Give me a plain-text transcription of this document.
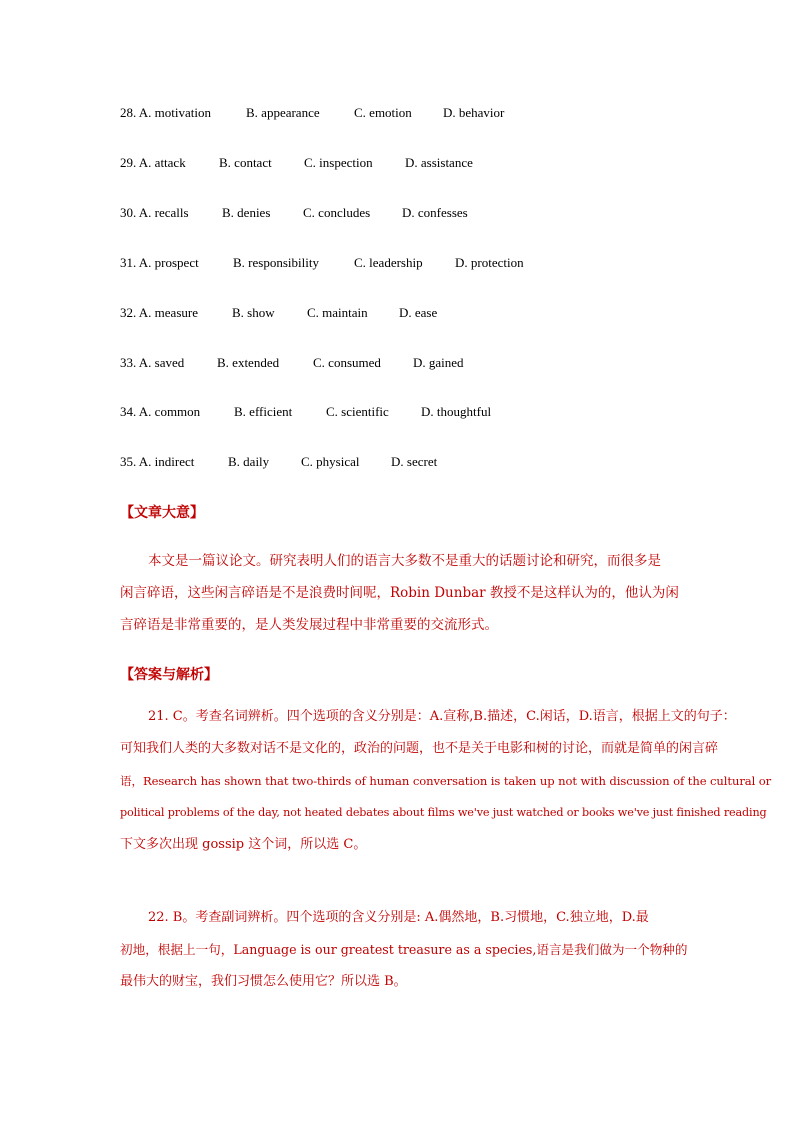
28. A. motivation	B. appearance	C. emotion D. behavior
29. A. attack	B. contact C. inspection D. assistance
30. A. recalls	B. denies	C. concludes D. confesses
31. A. prospect	B. responsibility	C. leadership D. protection
32. A. measure	B. show C. maintain D. ease
33. A. saved	B. extended	C. consumed D. gained
34. A. common	B. efficient	C. scientific D. thoughtful
35. A. indirect	B. daily C. physical D. secret
【文章大意】
本文是一篇议论文。研究表明人们的语言大多数不是重大的话题讨论和研究，而很多是
闲言碎语，这些闲言碎语是不是浪费时间呢，Robin Dunbar 教授不是这样认为的，他认为闲
言碎语是非常重要的，是人类发展过程中非常重要的交流形式。
【答案与解析】
21. C。考查名词辨析。四个选项的含义分别是：A.宣称,B.描述，C.闲话，D.语言，根据上文的句子：
可知我们人类的大多数对话不是文化的，政治的问题，也不是关于电影和树的讨论，而就是简单的闲言碎
语，Research has shown that two-thirds of human conversation is taken up not with discussion of the cultural or
political problems of the day, not heated debates about films we've just watched or books we've just finished reading
下文多次出现 gossip 这个词，所以选 C。
22. B。考查副词辨析。四个选项的含义分别是: A.偶然地，B.习惯地，C.独立地，D.最
初地，根据上一句，Language is our greatest treasure as a species,语言是我们做为一个物种的
最伟大的财宝，我们习惯怎么使用它？所以选 B。
